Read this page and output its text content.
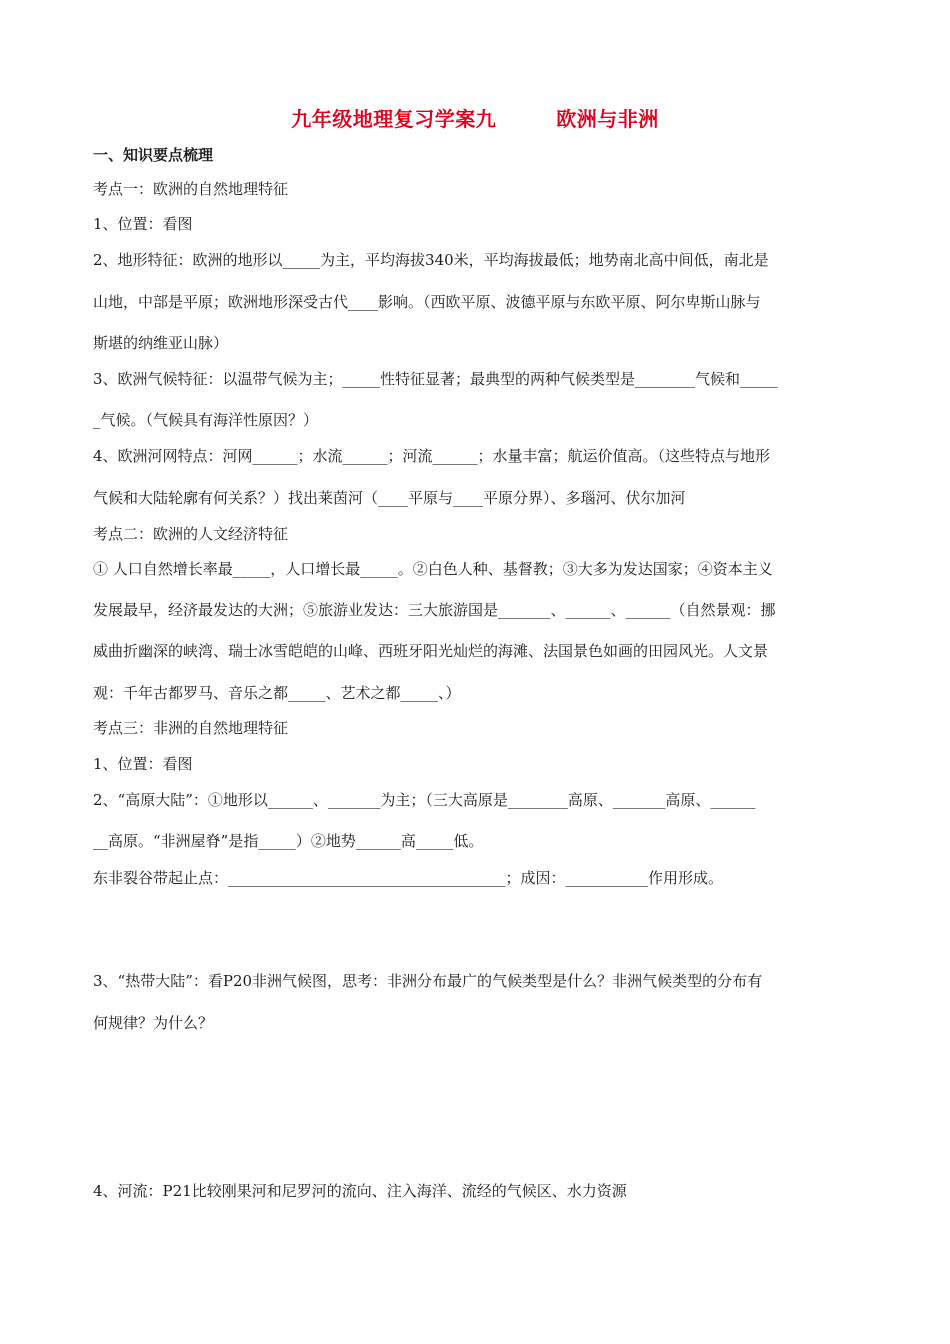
九年级地理复习学案九	欧洲与非洲
一、知识要点梳理
考点一：欧洲的自然地理特征
1、位置：看图
2、地形特征：欧洲的地形以_____为主，平均海拔340米，平均海拔最低；地势南北高中间低，南北是
山地，中部是平原；欧洲地形深受古代____影响。（西欧平原、波德平原与东欧平原、阿尔卑斯山脉与
斯堪的纳维亚山脉）
3、欧洲气候特征：以温带气候为主；_____性特征显著；最典型的两种气候类型是________气候和_____
_气候。（气候具有海洋性原因？）
4、欧洲河网特点：河网______；水流______；河流______；水量丰富；航运价值高。（这些特点与地形
气候和大陆轮廓有何关系？）找出莱茵河（____平原与____平原分界）、多瑙河、伏尔加河
考点二：欧洲的人文经济特征
① 人口自然增长率最_____，人口增长最_____。②白色人种、基督教；③大多为发达国家；④资本主义
发展最早，经济最发达的大洲；⑤旅游业发达：三大旅游国是_______、______、______（自然景观：挪
威曲折幽深的峡湾、瑞士冰雪皑皑的山峰、西班牙阳光灿烂的海滩、法国景色如画的田园风光。人文景
观：千年古都罗马、音乐之都_____、艺术之都_____、）
考点三：非洲的自然地理特征
1、位置：看图
2、“高原大陆”：①地形以______、_______为主；（三大高原是________高原、_______高原、______
__高原。“非洲屋脊”是指_____）②地势______高_____低。
东非裂谷带起止点：_____________________________________；成因：___________作用形成。
3、“热带大陆”：看P20非洲气候图，思考：非洲分布最广的气候类型是什么？非洲气候类型的分布有
何规律？为什么？
4、河流：P21比较刚果河和尼罗河的流向、注入海洋、流经的气候区、水力资源
